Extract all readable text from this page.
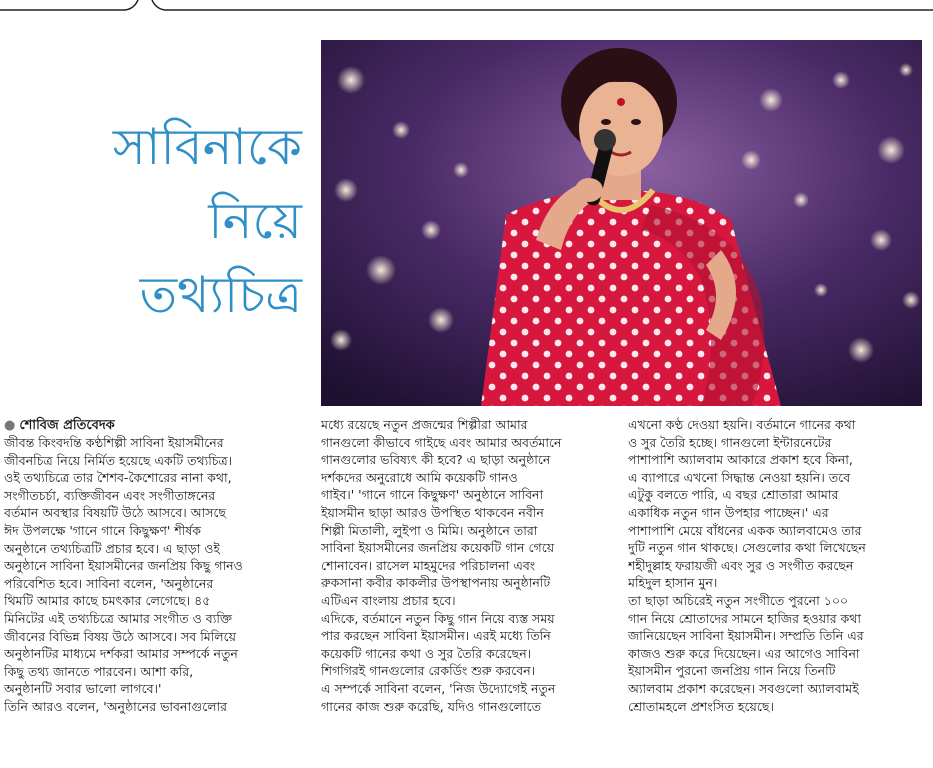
সাবিনাকে
নিয়ে
তথ্যচিত্র
● শোবিজ প্রতিবেদক
জীবন্ত কিংবদন্তি কণ্ঠশিল্পী সাবিনা ইয়াসমীনের
জীবনচিত্র নিয়ে নির্মিত হয়েছে একটি তথ্যচিত্র।
ওই তথ্যচিত্রে তার শৈশব-কৈশোরের নানা কথা,
সংগীতচর্চা, ব্যক্তিজীবন এবং সংগীতাঙ্গনের
বর্তমান অবস্থার বিষয়টি উঠে আসবে। আসছে
ঈদ উপলক্ষে 'গানে গানে কিছুক্ষণ' শীর্ষক
অনুষ্ঠানে তথ্যচিত্রটি প্রচার হবে। এ ছাড়া ওই
অনুষ্ঠানে সাবিনা ইয়াসমীনের জনপ্রিয় কিছু গানও
পরিবেশিত হবে। সাবিনা বলেন, 'অনুষ্ঠানের
থিমটি আমার কাছে চমৎকার লেগেছে। ৪৫
মিনিটের এই তথ্যচিত্রে আমার সংগীত ও ব্যক্তি
জীবনের বিভিন্ন বিষয় উঠে আসবে। সব মিলিয়ে
অনুষ্ঠানটির মাধ্যমে দর্শকরা আমার সম্পর্কে নতুন
কিছু তথ্য জানতে পারবেন। আশা করি,
অনুষ্ঠানটি সবার ভালো লাগবে।'
তিনি আরও বলেন, 'অনুষ্ঠানের ভাবনাগুলোর
মধ্যে রয়েছে নতুন প্রজন্মের শিল্পীরা আমার
গানগুলো কীভাবে গাইছে এবং আমার অবর্তমানে
গানগুলোর ভবিষ্যৎ কী হবে? এ ছাড়া অনুষ্ঠানে
দর্শকদের অনুরোধে আমি কয়েকটি গানও
গাইব।' 'গানে গানে কিছুক্ষণ' অনুষ্ঠানে সাবিনা
ইয়াসমীন ছাড়া আরও উপস্থিত থাকবেন নবীন
শিল্পী মিতালী, লুইপা ও মিমি। অনুষ্ঠানে তারা
সাবিনা ইয়াসমীনের জনপ্রিয় কয়েকটি গান গেয়ে
শোনাবেন। রাসেল মাহমুদের পরিচালনা এবং
রুকসানা কবীর কাকলীর উপস্থাপনায় অনুষ্ঠানটি
এটিএন বাংলায় প্রচার হবে।
এদিকে, বর্তমানে নতুন কিছু গান নিয়ে ব্যস্ত সময়
পার করছেন সাবিনা ইয়াসমীন। এরই মধ্যে তিনি
কয়েকটি গানের কথা ও সুর তৈরি করেছেন।
শিগগিরই গানগুলোর রেকর্ডিং শুরু করবেন।
এ সম্পর্কে সাবিনা বলেন, 'নিজ উদ্যোগেই নতুন
গানের কাজ শুরু করেছি, যদিও গানগুলোতে
এখনো কণ্ঠ দেওয়া হয়নি। বর্তমানে গানের কথা
ও সুর তৈরি হচ্ছে। গানগুলো ইন্টারনেটের
পাশাপাশি অ্যালবাম আকারে প্রকাশ হবে কিনা,
এ ব্যাপারে এখনো সিদ্ধান্ত নেওয়া হয়নি। তবে
এটুকু বলতে পারি, এ বছর শ্রোতারা আমার
একাধিক নতুন গান উপহার পাচ্ছেন।' এর
পাশাপাশি মেয়ে বাঁধনের একক অ্যালবামেও তার
দুটি নতুন গান থাকছে। সেগুলোর কথা লিখেছেন
শহীদুল্লাহ ফরায়জী এবং সুর ও সংগীত করছেন
মহিদুল হাসান মুন।
তা ছাড়া অচিরেই নতুন সংগীতে পুরনো ১০০
গান নিয়ে শ্রোতাদের সামনে হাজির হওয়ার কথা
জানিয়েছেন সাবিনা ইয়াসমীন। সম্প্রতি তিনি এর
কাজও শুরু করে দিয়েছেন। এর আগেও সাবিনা
ইয়াসমীন পুরনো জনপ্রিয় গান নিয়ে তিনটি
অ্যালবাম প্রকাশ করেছেন। সবগুলো অ্যালবামই
শ্রোতামহলে প্রশংসিত হয়েছে।
